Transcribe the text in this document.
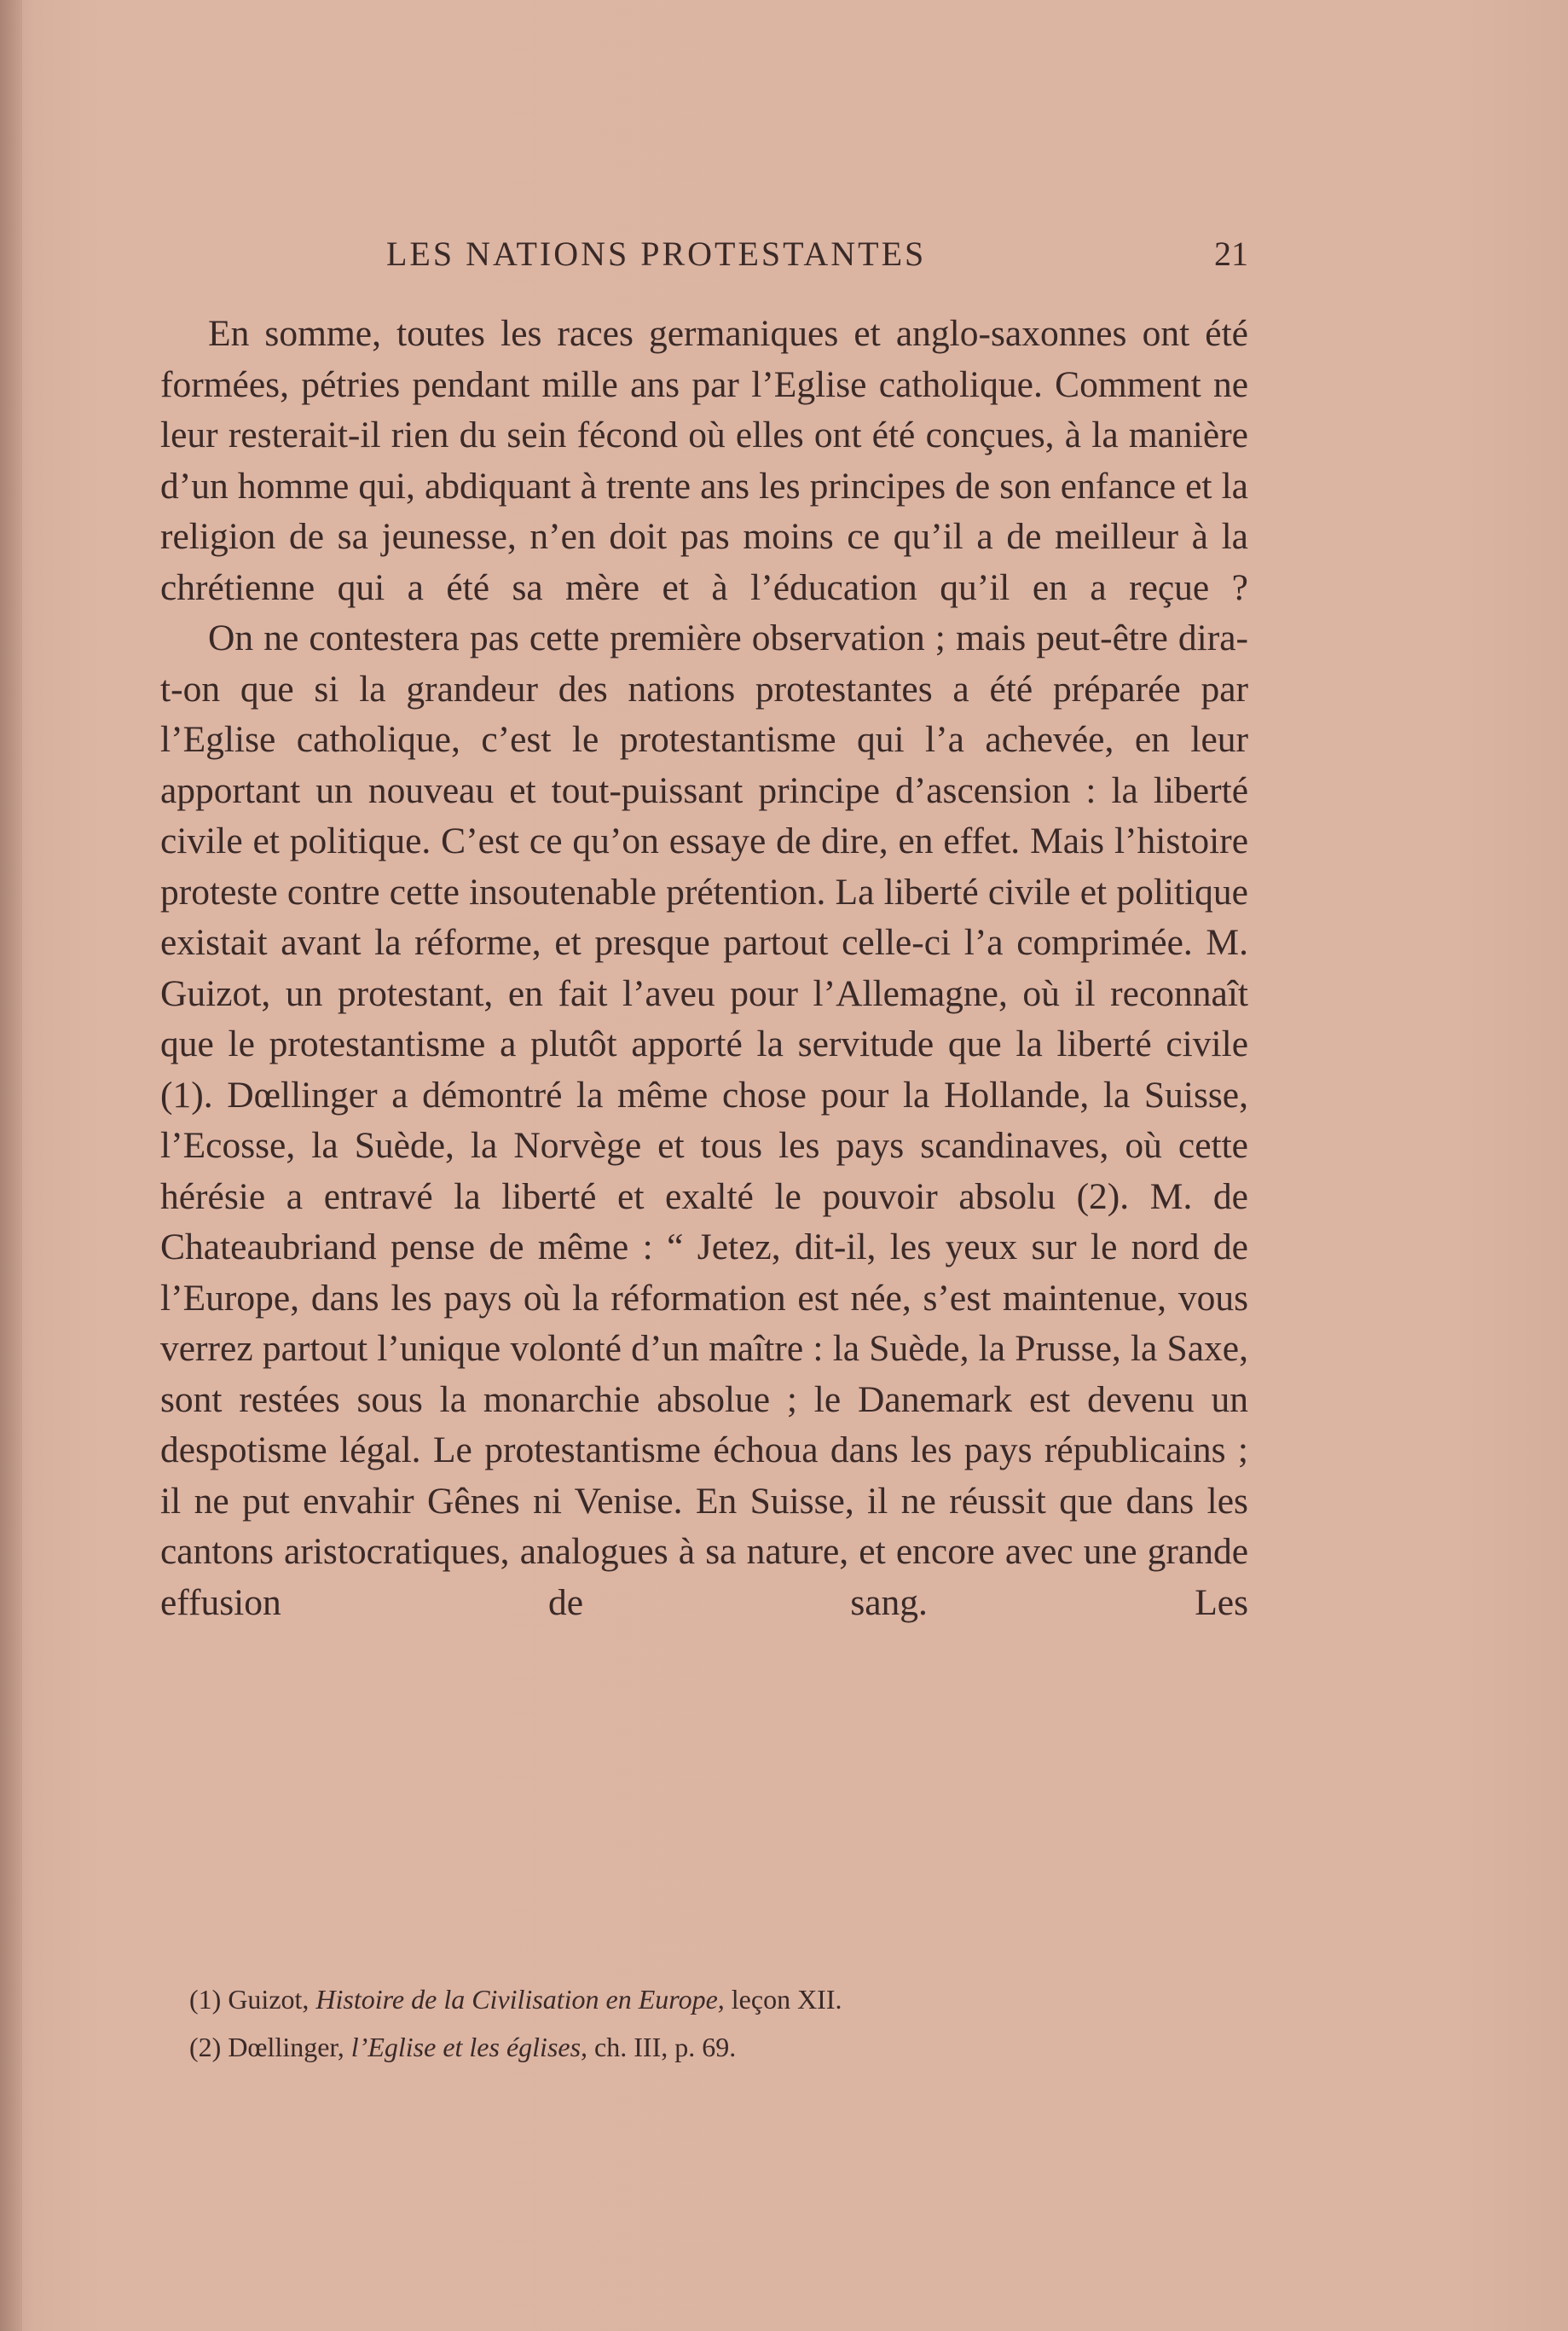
LES NATIONS PROTESTANTES	21

En somme, toutes les races germaniques et anglo-saxonnes ont été formées, pétries pendant mille ans par l’Eglise catholique. Comment ne leur resterait-il rien du sein fécond où elles ont été conçues, à la manière d’un homme qui, abdiquant à trente ans les principes de son enfance et la religion de sa jeunesse, n’en doit pas moins ce qu’il a de meilleur à la chrétienne qui a été sa mère et à l’éducation qu’il en a reçue ?

On ne contestera pas cette première observation ; mais peut-être dira-t-on que si la grandeur des nations protestantes a été préparée par l’Eglise catholique, c’est le protestantisme qui l’a achevée, en leur apportant un nouveau et tout-puissant principe d’ascension : la liberté civile et politique. C’est ce qu’on essaye de dire, en effet. Mais l’histoire proteste contre cette insoutenable prétention. La liberté civile et politique existait avant la réforme, et presque partout celle-ci l’a comprimée. M. Guizot, un protestant, en fait l’aveu pour l’Allemagne, où il reconnaît que le protestantisme a plutôt apporté la servitude que la liberté civile (1). Dœllinger a démontré la même chose pour la Hollande, la Suisse, l’Ecosse, la Suède, la Norvège et tous les pays scandinaves, où cette hérésie a entravé la liberté et exalté le pouvoir absolu (2). M. de Chateaubriand pense de même : “ Jetez, dit-il, les yeux sur le nord de l’Europe, dans les pays où la réformation est née, s’est maintenue, vous verrez partout l’unique volonté d’un maître : la Suède, la Prusse, la Saxe, sont restées sous la monarchie absolue ; le Danemark est devenu un despotisme légal. Le protestantisme échoua dans les pays républicains ; il ne put envahir Gênes ni Venise. En Suisse, il ne réussit que dans les cantons aristocratiques, analogues à sa nature, et encore avec une grande effusion de sang. Les

(1) Guizot, Histoire de la Civilisation en Europe, leçon XII.

(2) Dœllinger, l’Eglise et les églises, ch. III, p. 69.
